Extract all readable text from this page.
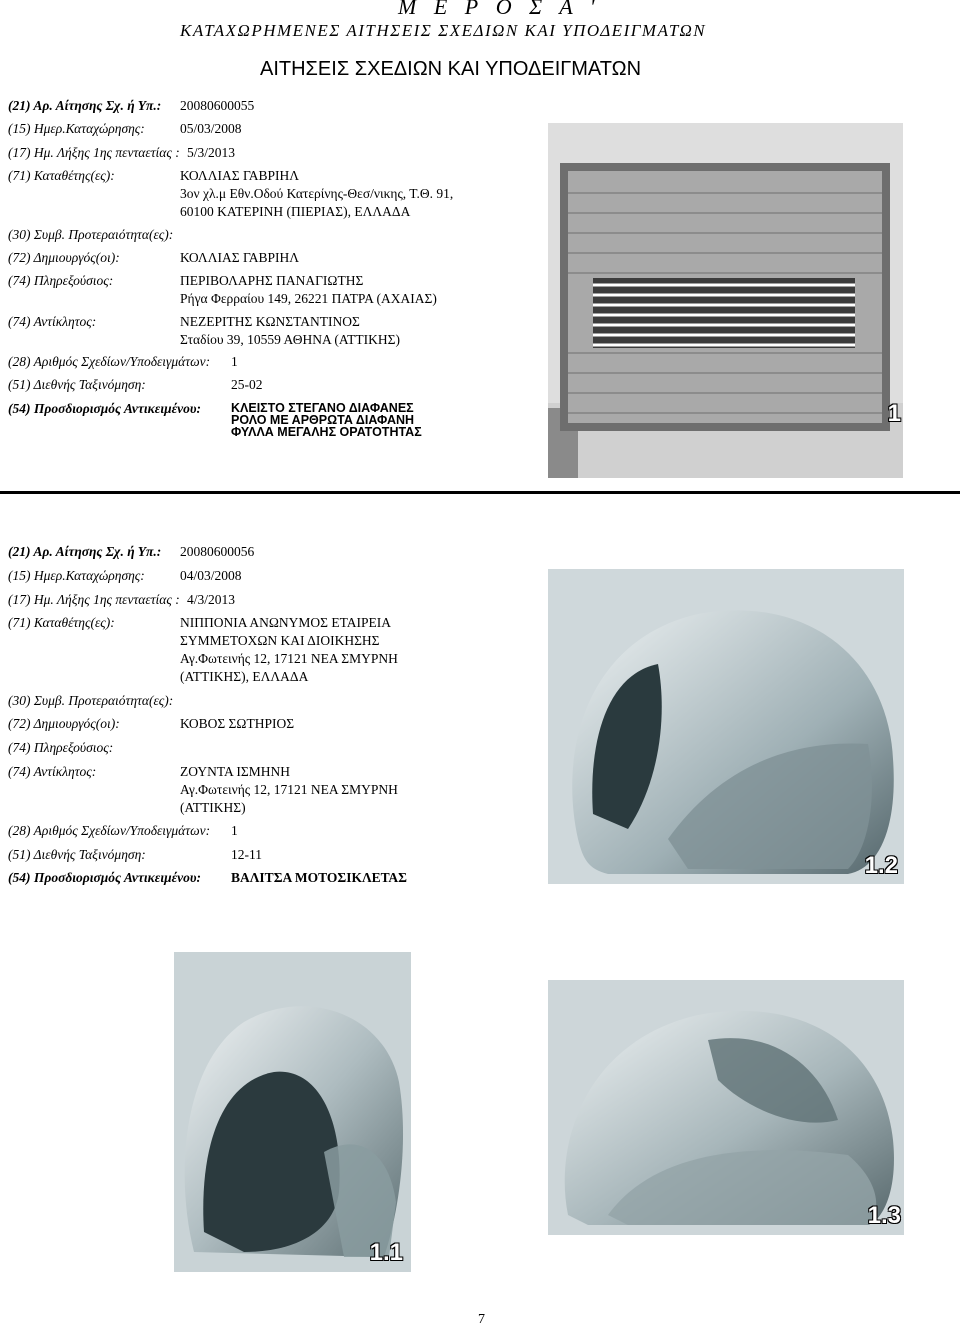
Μ Ε Ρ Ο Σ Α '
ΚΑΤΑΧΩΡΗΜΕΝΕΣ ΑΙΤΗΣΕΙΣ ΣΧΕΔΙΩΝ ΚΑΙ ΥΠΟΔΕΙΓΜΑΤΩΝ
ΑΙΤΗΣΕΙΣ ΣΧΕΔΙΩΝ ΚΑΙ ΥΠΟΔΕΙΓΜΑΤΩΝ
(21) Αρ. Αίτησης Σχ. ή Υπ.: 20080600055
(15) Ημερ.Καταχώρησης:	05/03/2008
(17) Ημ. Λήξης 1ης πενταετίας : 5/3/2013
(71) Καταθέτης(ες):	ΚΟΛΛΙΑΣ ΓΑΒΡΙΗΛ
3ον χλ.μ Εθν.Οδού Κατερίνης-Θεσ/νικης, Τ.Θ. 91,
60100 ΚΑΤΕΡΙΝΗ (ΠΙΕΡΙΑΣ), ΕΛΛΑΔΑ
(30) Συμβ. Προτεραιότητα(ες):
(72) Δημιουργός(οι):	ΚΟΛΛΙΑΣ ΓΑΒΡΙΗΛ
(74) Πληρεξούσιος:	ΠΕΡΙΒΟΛΑΡΗΣ ΠΑΝΑΓΙΩΤΗΣ
Ρήγα Φερραίου 149, 26221 ΠΑΤΡΑ (ΑΧΑΙΑΣ)
(74) Αντίκλητος:	ΝΕΖΕΡΙΤΗΣ ΚΩΝΣΤΑΝΤΙΝΟΣ
Σταδίου 39, 10559 ΑΘΗΝΑ (ΑΤΤΙΚΗΣ)
(28) Αριθμός Σχεδίων/Υποδειγμάτων: 1
(51) Διεθνής Ταξινόμηση:	25-02
(54) Προσδιορισμός Αντικειμένου: ΚΛΕΙΣΤΟ ΣΤΕΓΑΝΟ ΔΙΑΦΑΝΕΣ
ΡΟΛΟ ΜΕ ΑΡΘΡΩΤΑ ΔΙΑΦΑΝΗ
ΦΥΛΛΑ ΜΕΓΑΛΗΣ ΟΡΑΤΟΤΗΤΑΣ
1
(21) Αρ. Αίτησης Σχ. ή Υπ.: 20080600056
(15) Ημερ.Καταχώρησης:	04/03/2008
(17) Ημ. Λήξης 1ης πενταετίας : 4/3/2013
(71) Καταθέτης(ες):	ΝΙΠΠΟΝΙΑ ΑΝΩΝΥΜΟΣ ΕΤΑΙΡΕΙΑ
ΣΥΜΜΕΤΟΧΩΝ ΚΑΙ ΔΙΟΙΚΗΣΗΣ
Αγ.Φωτεινής 12, 17121 ΝΕΑ ΣΜΥΡΝΗ
(ΑΤΤΙΚΗΣ), ΕΛΛΑΔΑ
(30) Συμβ. Προτεραιότητα(ες):
(72) Δημιουργός(οι):	ΚΟΒΟΣ ΣΩΤΗΡΙΟΣ
(74) Πληρεξούσιος:
(74) Αντίκλητος:	ΖΟΥΝΤΑ ΙΣΜΗΝΗ
Αγ.Φωτεινής 12, 17121 ΝΕΑ ΣΜΥΡΝΗ
(ΑΤΤΙΚΗΣ)
(28) Αριθμός Σχεδίων/Υποδειγμάτων: 1
(51) Διεθνής Ταξινόμηση:	12-11
(54) Προσδιορισμός Αντικειμένου: ΒΑΛΙΤΣΑ ΜΟΤΟΣΙΚΛΕΤΑΣ	1.2
1.1
1.3
7
